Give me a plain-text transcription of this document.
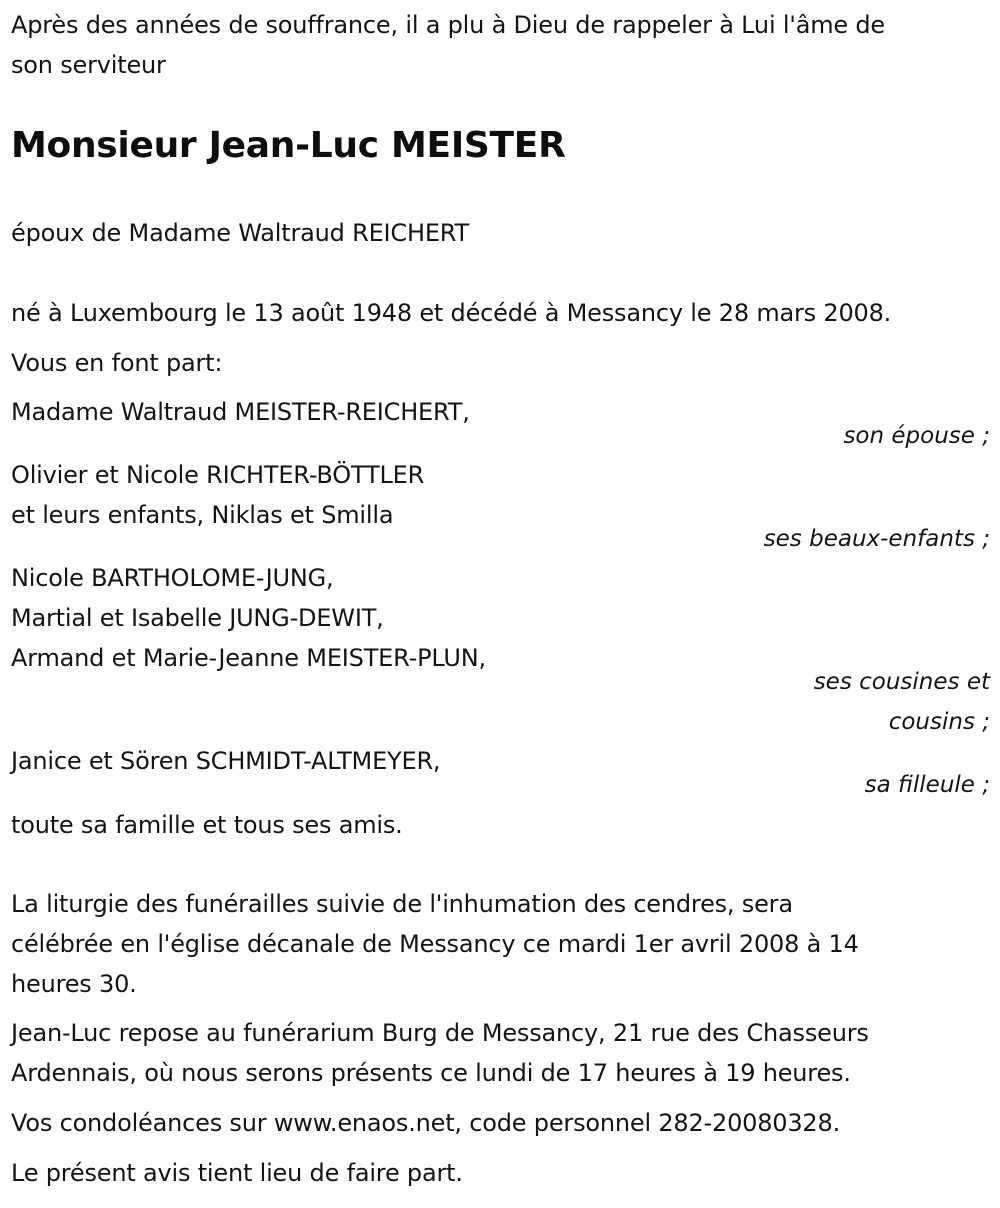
Après des années de souffrance, il a plu à Dieu de rappeler à Lui l'âme de

son serviteur

Monsieur Jean-Luc MEISTER

époux de Madame Waltraud REICHERT

né à Luxembourg le 13 août 1948 et décédé à Messancy le 28 mars 2008.

Vous en font part:

Madame Waltraud MEISTER-REICHERT,

son épouse ;

Olivier et Nicole RICHTER-BÖTTLER

et leurs enfants, Niklas et Smilla

ses beaux-enfants ;

Nicole BARTHOLOME-JUNG,

Martial et Isabelle JUNG-DEWIT,

Armand et Marie-Jeanne MEISTER-PLUN,

ses cousines et

cousins ;

Janice et Sören SCHMIDT-ALTMEYER,

sa filleule ;

toute sa famille et tous ses amis.

La liturgie des funérailles suivie de l'inhumation des cendres, sera

célébrée en l'église décanale de Messancy ce mardi 1er avril 2008 à 14

heures 30.

Jean-Luc repose au funérarium Burg de Messancy, 21 rue des Chasseurs

Ardennais, où nous serons présents ce lundi de 17 heures à 19 heures.

Vos condoléances sur www.enaos.net, code personnel 282-20080328.

Le présent avis tient lieu de faire part.
